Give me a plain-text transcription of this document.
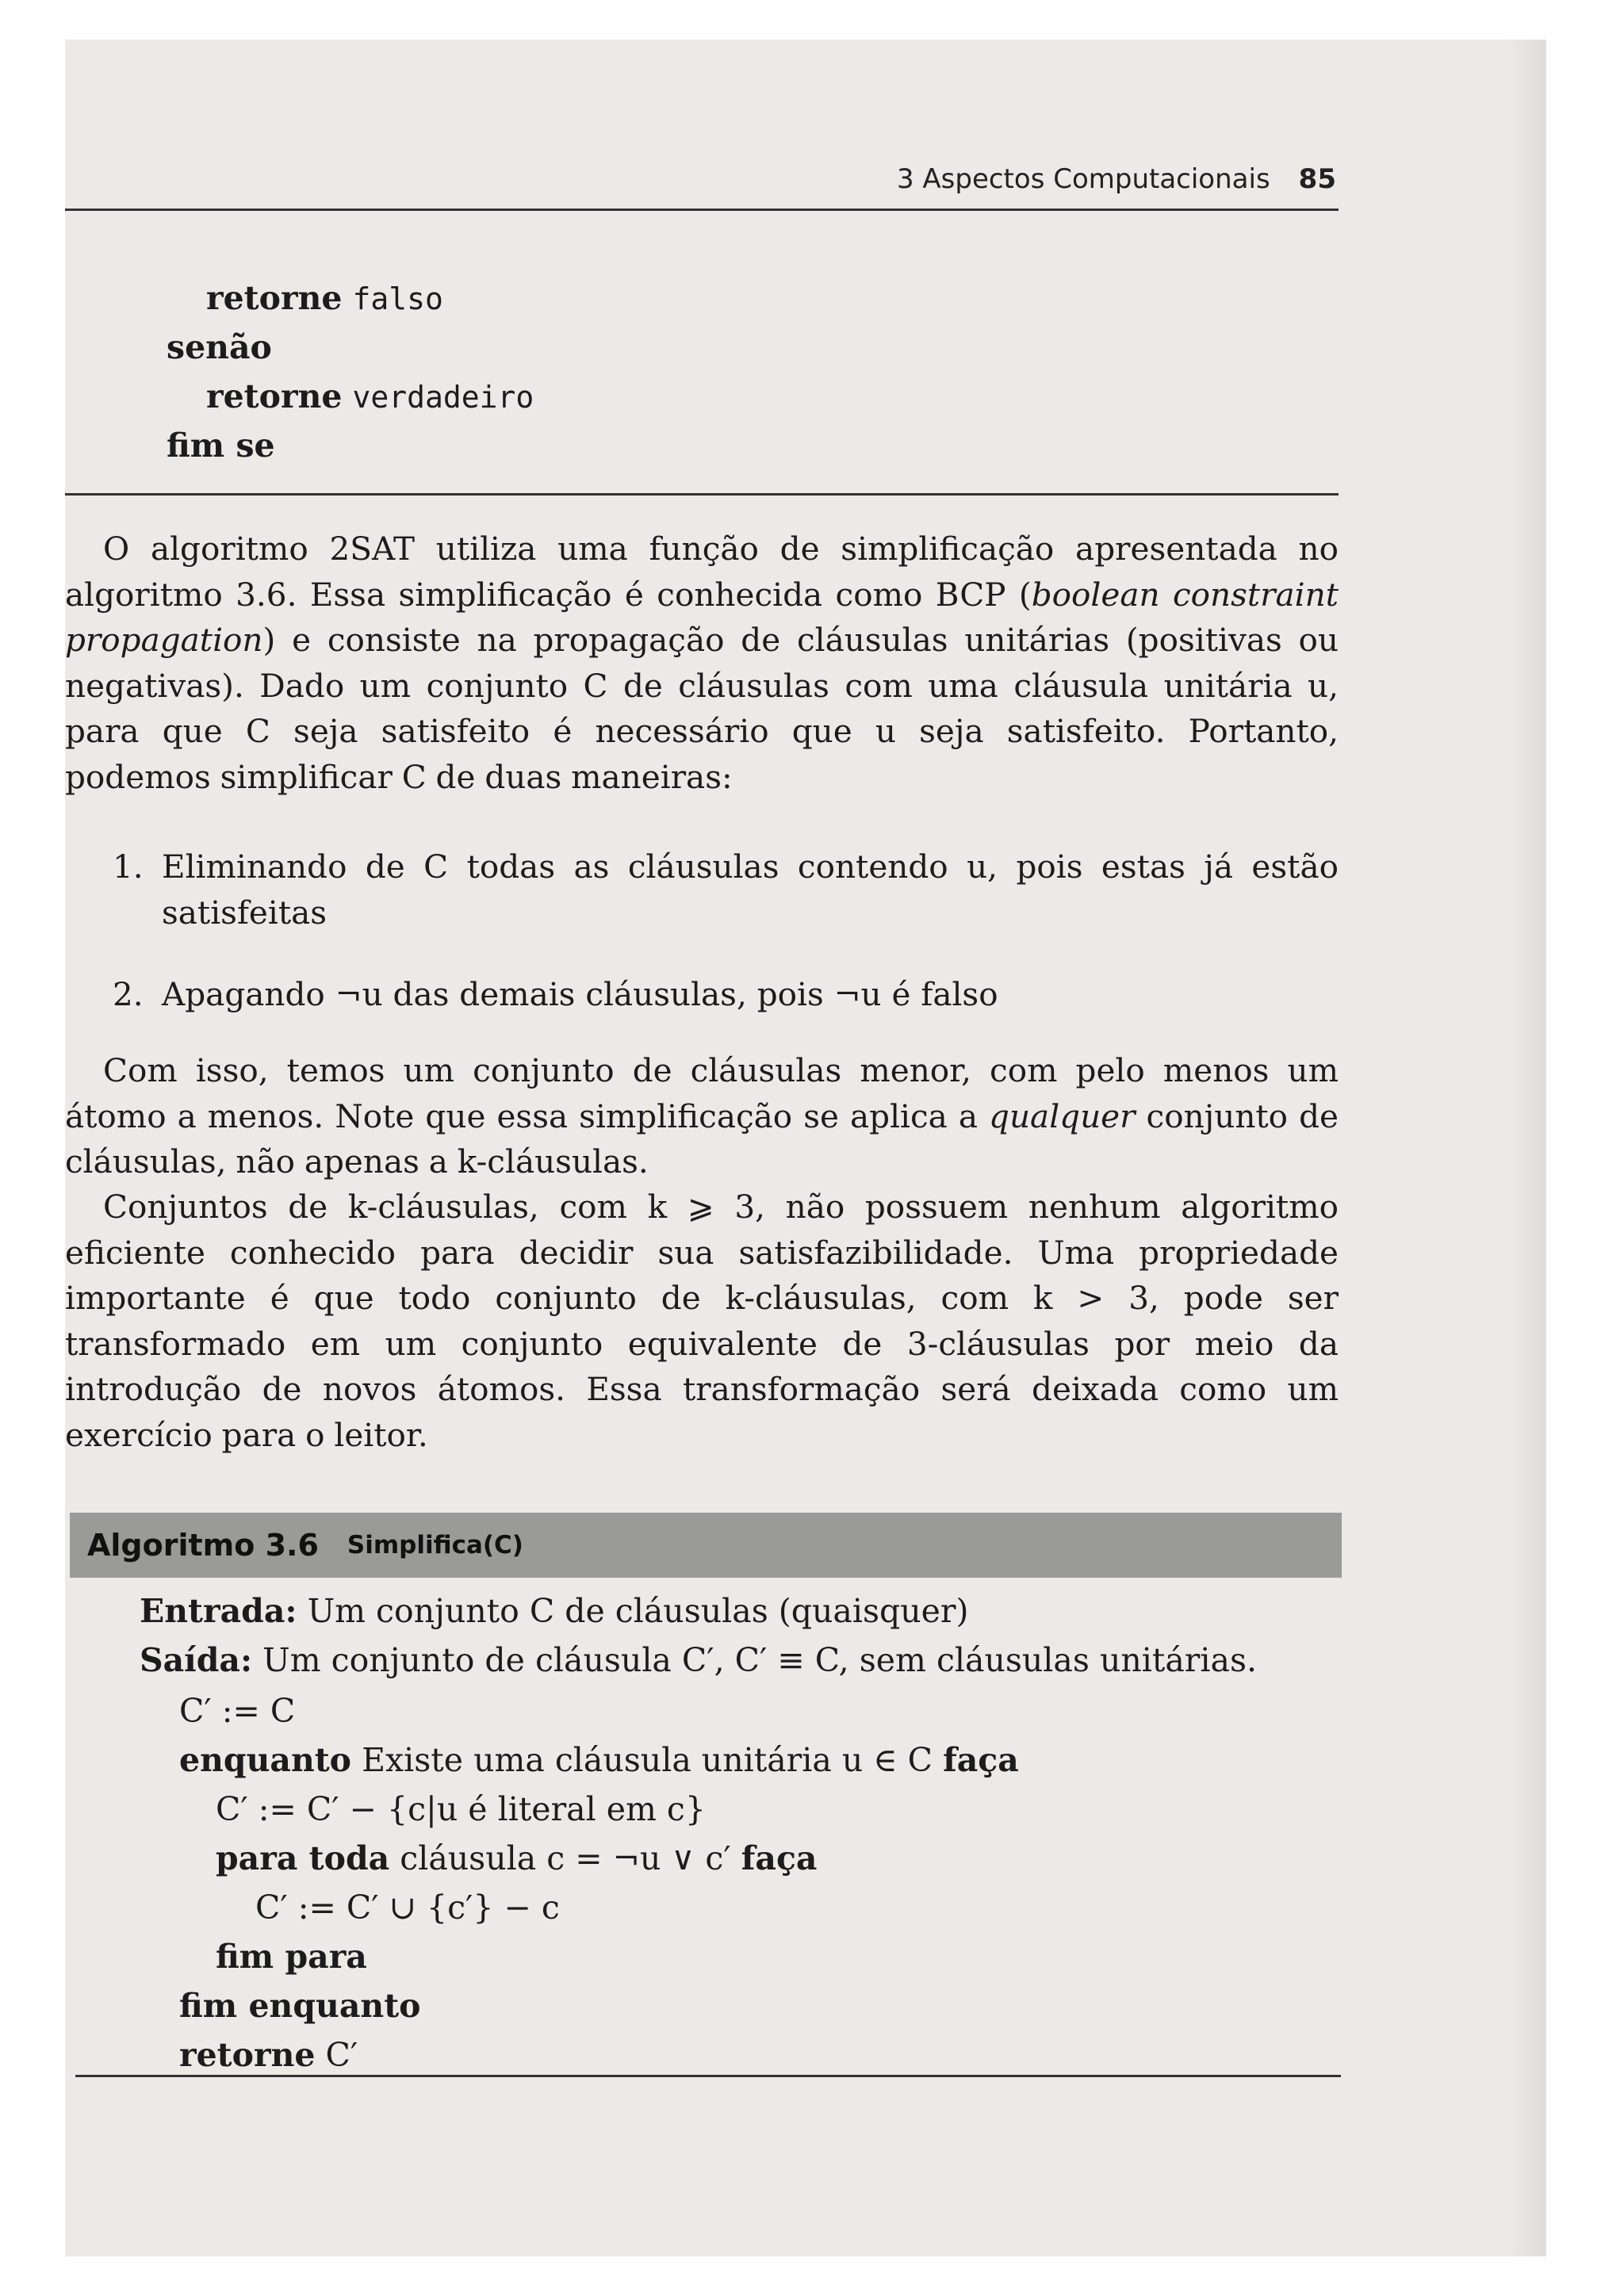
3 Aspectos Computacionais 85
retorne falso
senão
retorne verdadeiro
fim se

O algoritmo 2SAT utiliza uma função de simplificação apresentada no algoritmo 3.6. Essa simplificação é conhecida como BCP (boolean constraint propagation) e consiste na propagação de cláusulas unitárias (positivas ou negativas). Dado um conjunto C de cláusulas com uma cláusula unitária u, para que C seja satisfeito é necessário que u seja satisfeito. Portanto, podemos simplificar C de duas maneiras:

1. Eliminando de C todas as cláusulas contendo u, pois estas já estão satisfeitas
2. Apagando ¬u das demais cláusulas, pois ¬u é falso

Com isso, temos um conjunto de cláusulas menor, com pelo menos um átomo a menos. Note que essa simplificação se aplica a qualquer conjunto de cláusulas, não apenas a k-cláusulas.

Conjuntos de k-cláusulas, com k ⩾ 3, não possuem nenhum algoritmo eficiente conhecido para decidir sua satisfazibilidade. Uma propriedade importante é que todo conjunto de k-cláusulas, com k > 3, pode ser transformado em um conjunto equivalente de 3-cláusulas por meio da introdução de novos átomos. Essa transformação será deixada como um exercício para o leitor.

Algoritmo 3.6 Simplifica(C)
Entrada: Um conjunto C de cláusulas (quaisquer)
Saída: Um conjunto de cláusula C′, C′ ≡ C, sem cláusulas unitárias.
C′ := C
enquanto Existe uma cláusula unitária u ∈ C faça
C′ := C′ − {c|u é literal em c}
para toda cláusula c = ¬u ∨ c′ faça
C′ := C′ ∪ {c′} − c
fim para
fim enquanto
retorne C′
